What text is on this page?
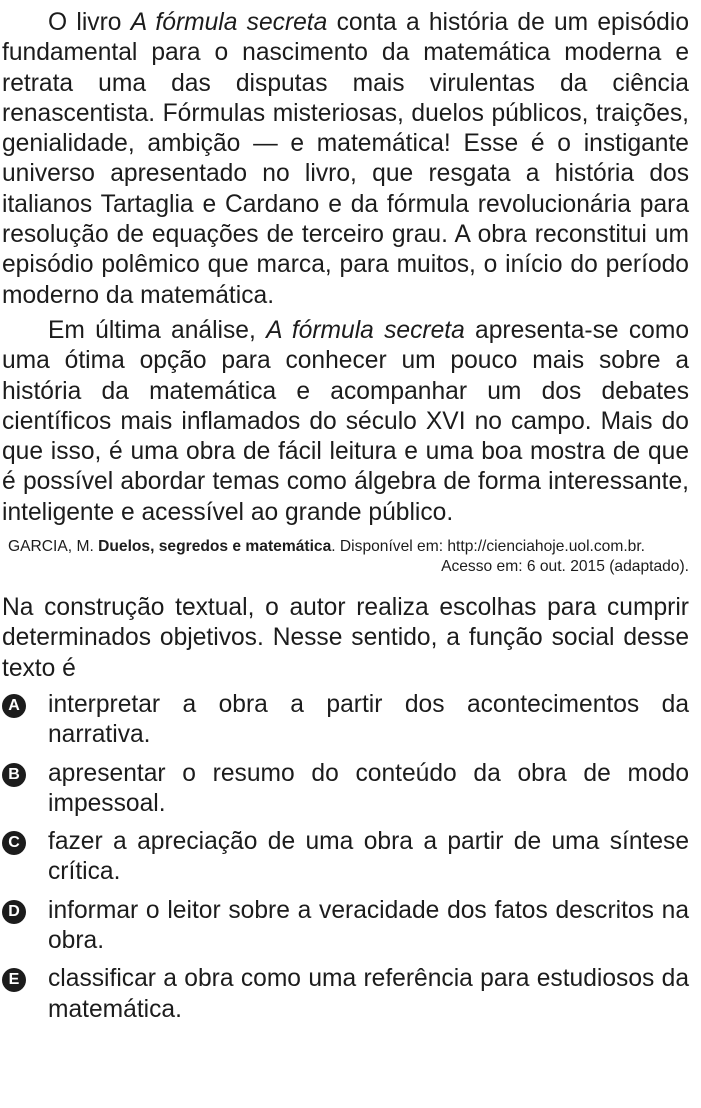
O livro A fórmula secreta conta a história de um episódio fundamental para o nascimento da matemática moderna e retrata uma das disputas mais virulentas da ciência renascentista. Fórmulas misteriosas, duelos públicos, traições, genialidade, ambição — e matemática! Esse é o instigante universo apresentado no livro, que resgata a história dos italianos Tartaglia e Cardano e da fórmula revolucionária para resolução de equações de terceiro grau. A obra reconstitui um episódio polêmico que marca, para muitos, o início do período moderno da matemática.

Em última análise, A fórmula secreta apresenta-se como uma ótima opção para conhecer um pouco mais sobre a história da matemática e acompanhar um dos debates científicos mais inflamados do século XVI no campo. Mais do que isso, é uma obra de fácil leitura e uma boa mostra de que é possível abordar temas como álgebra de forma interessante, inteligente e acessível ao grande público.

GARCIA, M. Duelos, segredos e matemática. Disponível em: http://cienciahoje.uol.com.br.
Acesso em: 6 out. 2015 (adaptado).

Na construção textual, o autor realiza escolhas para cumprir determinados objetivos. Nesse sentido, a função social desse texto é

A interpretar a obra a partir dos acontecimentos da narrativa.
B apresentar o resumo do conteúdo da obra de modo impessoal.
C fazer a apreciação de uma obra a partir de uma síntese crítica.
D informar o leitor sobre a veracidade dos fatos descritos na obra.
E classificar a obra como uma referência para estudiosos da matemática.
